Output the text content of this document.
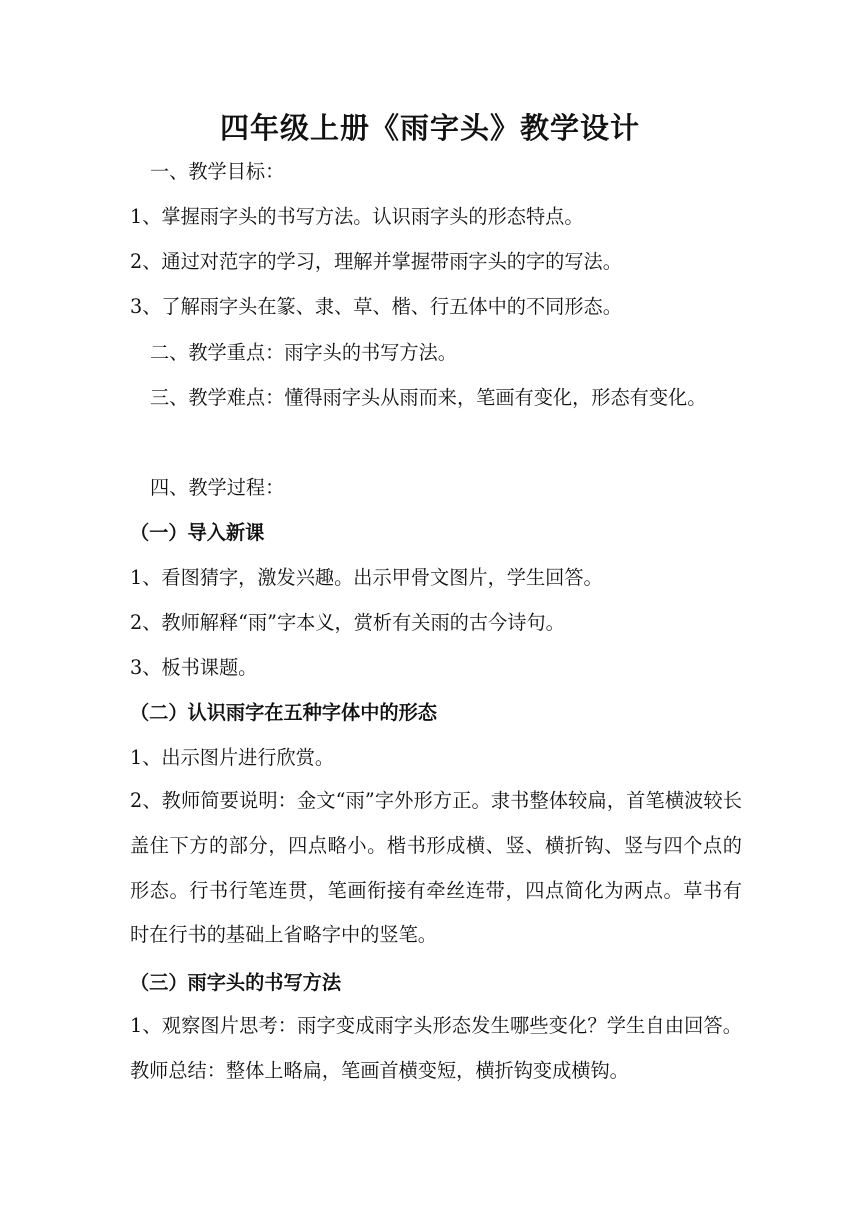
四年级上册《雨字头》教学设计
一、教学目标：
1、掌握雨字头的书写方法。认识雨字头的形态特点。
2、通过对范字的学习，理解并掌握带雨字头的字的写法。
3、了解雨字头在篆、隶、草、楷、行五体中的不同形态。
二、教学重点：雨字头的书写方法。
三、教学难点：懂得雨字头从雨而来，笔画有变化，形态有变化。
四、教学过程：
（一）导入新课
1、看图猜字，激发兴趣。出示甲骨文图片，学生回答。
2、教师解释“雨”字本义，赏析有关雨的古今诗句。
3、板书课题。
（二）认识雨字在五种字体中的形态
1、出示图片进行欣赏。
2、教师简要说明：金文“雨”字外形方正。隶书整体较扁，首笔横波较长盖住下方的部分，四点略小。楷书形成横、竖、横折钩、竖与四个点的形态。行书行笔连贯，笔画衔接有牵丝连带，四点简化为两点。草书有时在行书的基础上省略字中的竖笔。
（三）雨字头的书写方法
1、观察图片思考：雨字变成雨字头形态发生哪些变化？学生自由回答。教师总结：整体上略扁，笔画首横变短，横折钩变成横钩。
